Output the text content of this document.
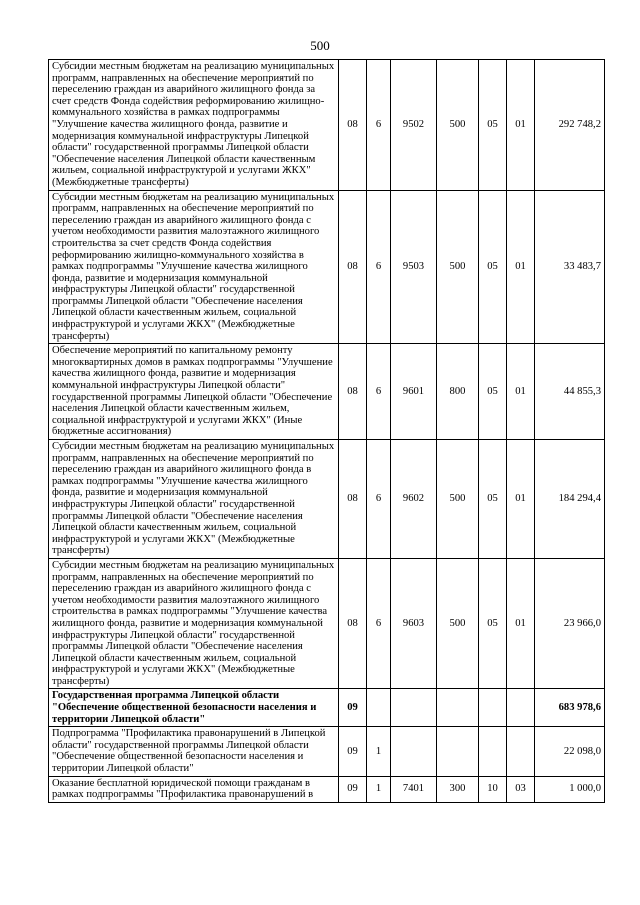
500
Субсидии местным бюджетам на реализацию муниципальных программ, направленных на обеспечение мероприятий по переселению граждан из аварийного жилищного фонда за счет средств Фонда содействия реформированию жилищно-коммунального хозяйства в рамках подпрограммы "Улучшение качества жилищного фонда, развитие и модернизация коммунальной инфраструктуры Липецкой области" государственной программы Липецкой области "Обеспечение населения Липецкой области качественным жильем, социальной инфраструктурой и услугами ЖКХ" (Межбюджетные трансферты)	08	6	9502	500	05	01	292 748,2
Субсидии местным бюджетам на реализацию муниципальных программ, направленных на обеспечение мероприятий по переселению граждан из аварийного жилищного фонда с учетом необходимости развития малоэтажного жилищного строительства за счет средств Фонда содействия реформированию жилищно-коммунального хозяйства в рамках подпрограммы "Улучшение качества жилищного фонда, развитие и модернизация коммунальной инфраструктуры Липецкой области" государственной программы Липецкой области "Обеспечение населения Липецкой области качественным жильем, социальной инфраструктурой и услугами ЖКХ" (Межбюджетные трансферты)	08	6	9503	500	05	01	33 483,7
Обеспечение мероприятий по капитальному ремонту многоквартирных домов в рамках подпрограммы "Улучшение качества жилищного фонда, развитие и модернизация коммунальной инфраструктуры Липецкой области" государственной программы Липецкой области "Обеспечение населения Липецкой области качественным жильем, социальной инфраструктурой и услугами ЖКХ" (Иные бюджетные ассигнования)	08	6	9601	800	05	01	44 855,3
Субсидии местным бюджетам на реализацию муниципальных программ, направленных на обеспечение мероприятий по переселению граждан из аварийного жилищного фонда в рамках подпрограммы "Улучшение качества жилищного фонда, развитие и модернизация коммунальной инфраструктуры Липецкой области" государственной программы Липецкой области "Обеспечение населения Липецкой области качественным жильем, социальной инфраструктурой и услугами ЖКХ" (Межбюджетные трансферты)	08	6	9602	500	05	01	184 294,4
Субсидии местным бюджетам на реализацию муниципальных программ, направленных на обеспечение мероприятий по переселению граждан из аварийного жилищного фонда с учетом необходимости развития малоэтажного жилищного строительства в рамках подпрограммы "Улучшение качества жилищного фонда, развитие и модернизация коммунальной инфраструктуры Липецкой области" государственной программы Липецкой области "Обеспечение населения Липецкой области качественным жильем, социальной инфраструктурой и услугами ЖКХ" (Межбюджетные трансферты)	08	6	9603	500	05	01	23 966,0
Государственная программа Липецкой области "Обеспечение общественной безопасности населения и территории Липецкой области"	09						683 978,6
Подпрограмма "Профилактика правонарушений в Липецкой области" государственной программы Липецкой области "Обеспечение общественной безопасности населения и территории Липецкой области"	09	1					22 098,0
Оказание бесплатной юридической помощи гражданам в рамках подпрограммы "Профилактика правонарушений в	09	1	7401	300	10	03	1 000,0
